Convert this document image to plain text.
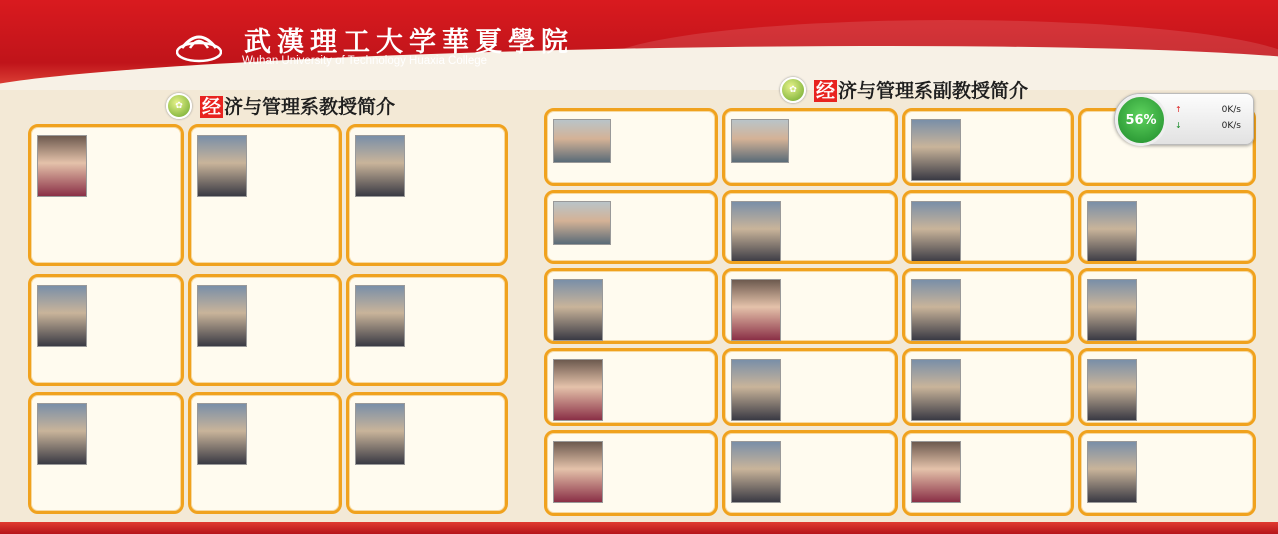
武漢理工大学華夏學院
Wuhan University of Technology Huaxia College
✿	经 济与管理系教授简介
✿	经 济与管理系副教授简介
56%
↑	0K/s
↓	0K/s
